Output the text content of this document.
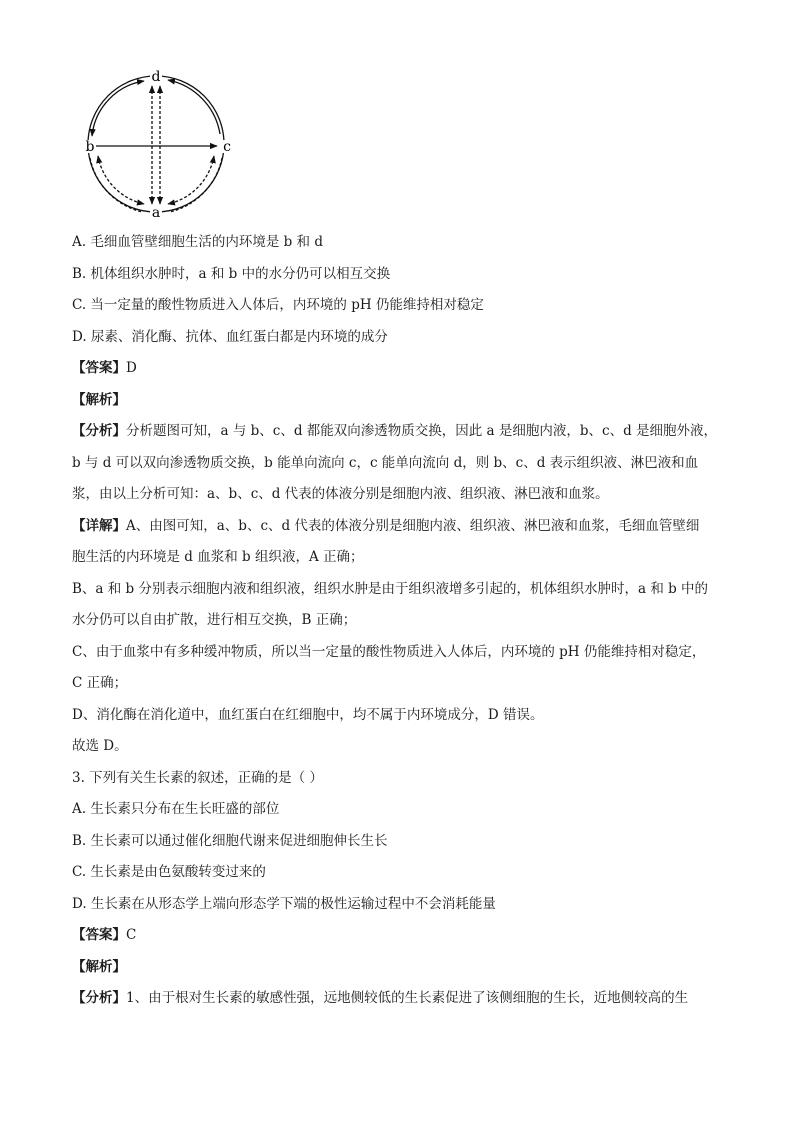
d
b	c
a
A. 毛细血管壁细胞生活的内环境是 b 和 d
B. 机体组织水肿时，a 和 b 中的水分仍可以相互交换
C. 当一定量的酸性物质进入人体后，内环境的 pH 仍能维持相对稳定
D. 尿素、消化酶、抗体、血红蛋白都是内环境的成分
【答案】D
【解析】
【分析】分析题图可知，a 与 b、c、d 都能双向渗透物质交换，因此 a 是细胞内液，b、c、d 是细胞外液，
b 与 d 可以双向渗透物质交换，b 能单向流向 c，c 能单向流向 d，则 b、c、d 表示组织液、淋巴液和血
浆，由以上分析可知：a、b、c、d 代表的体液分别是细胞内液、组织液、淋巴液和血浆。
【详解】A、由图可知，a、b、c、d 代表的体液分别是细胞内液、组织液、淋巴液和血浆，毛细血管壁细
胞生活的内环境是 d 血浆和 b 组织液，A 正确；
B、a 和 b 分别表示细胞内液和组织液，组织水肿是由于组织液增多引起的，机体组织水肿时，a 和 b 中的
水分仍可以自由扩散，进行相互交换，B 正确；
C、由于血浆中有多种缓冲物质，所以当一定量的酸性物质进入人体后，内环境的 pH 仍能维持相对稳定，
C 正确；
D、消化酶在消化道中，血红蛋白在红细胞中，均不属于内环境成分，D 错误。
故选 D。
3. 下列有关生长素的叙述，正确的是（ ）
A. 生长素只分布在生长旺盛的部位
B. 生长素可以通过催化细胞代谢来促进细胞伸长生长
C. 生长素是由色氨酸转变过来的
D. 生长素在从形态学上端向形态学下端的极性运输过程中不会消耗能量
【答案】C
【解析】
【分析】1、由于根对生长素的敏感性强，远地侧较低的生长素促进了该侧细胞的生长，近地侧较高的生
